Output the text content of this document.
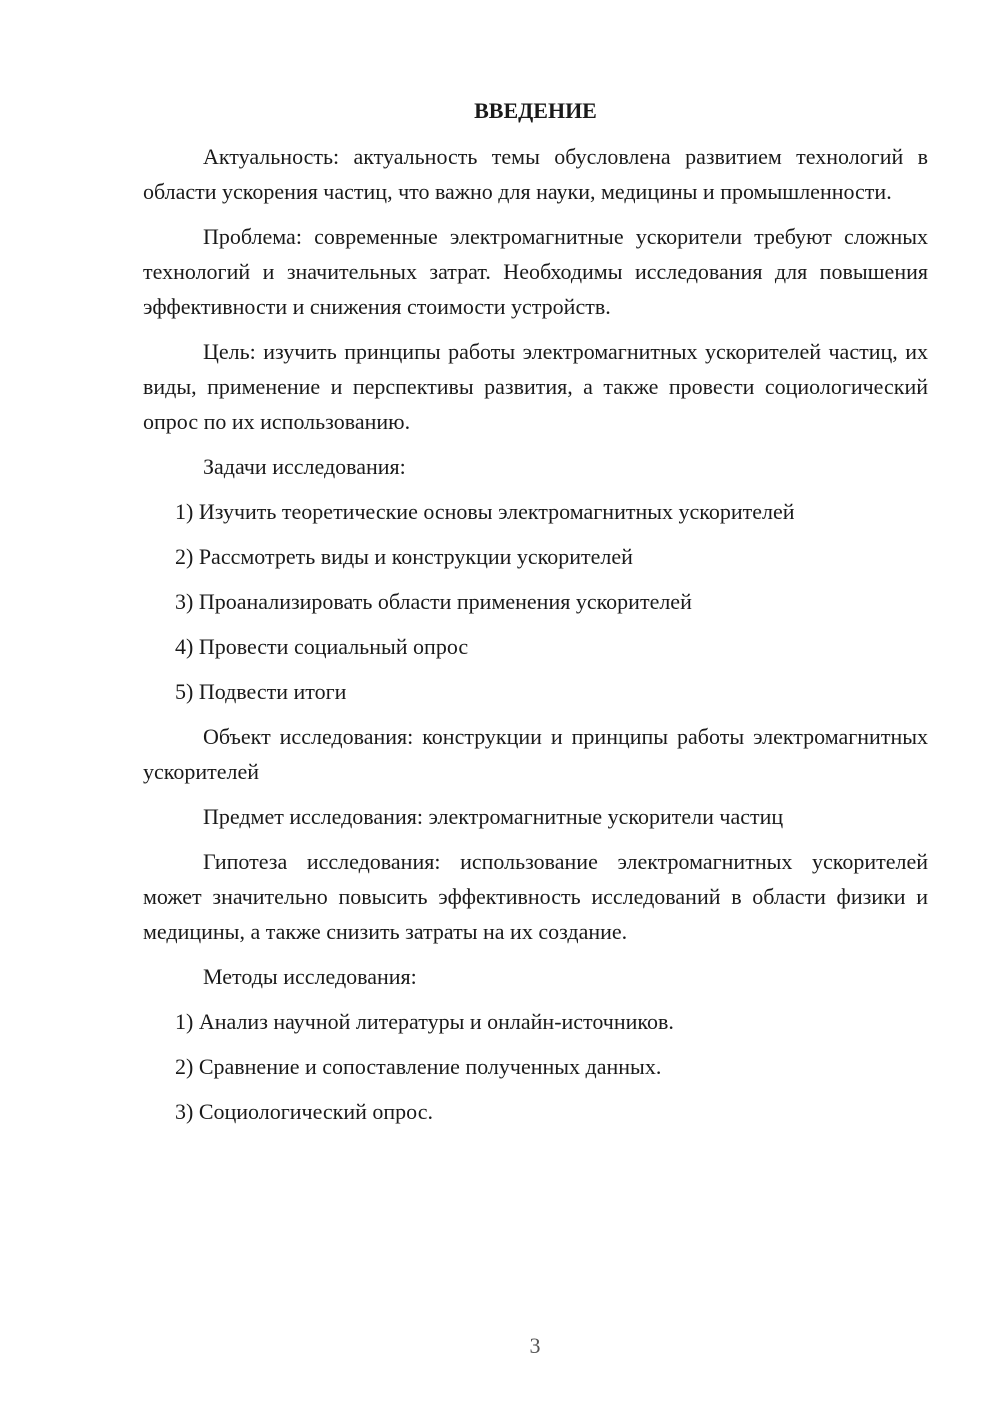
ВВЕДЕНИЕ

Актуальность: актуальность темы обусловлена развитием технологий в области ускорения частиц, что важно для науки, медицины и промышленности.

Проблема: современные электромагнитные ускорители требуют сложных технологий и значительных затрат. Необходимы исследования для повышения эффективности и снижения стоимости устройств.

Цель: изучить принципы работы электромагнитных ускорителей частиц, их виды, применение и перспективы развития, а также провести социологический опрос по их использованию.

Задачи исследования:

1) Изучить теоретические основы электромагнитных ускорителей

2) Рассмотреть виды и конструкции ускорителей

3) Проанализировать области применения ускорителей

4) Провести социальный опрос

5) Подвести итоги

Объект исследования: конструкции и принципы работы электромагнитных ускорителей

Предмет исследования: электромагнитные ускорители частиц

Гипотеза исследования: использование электромагнитных ускорителей может значительно повысить эффективность исследований в области физики и медицины, а также снизить затраты на их создание.

Методы исследования:

1) Анализ научной литературы и онлайн-источников.

2) Сравнение и сопоставление полученных данных.

3) Социологический опрос.

3
